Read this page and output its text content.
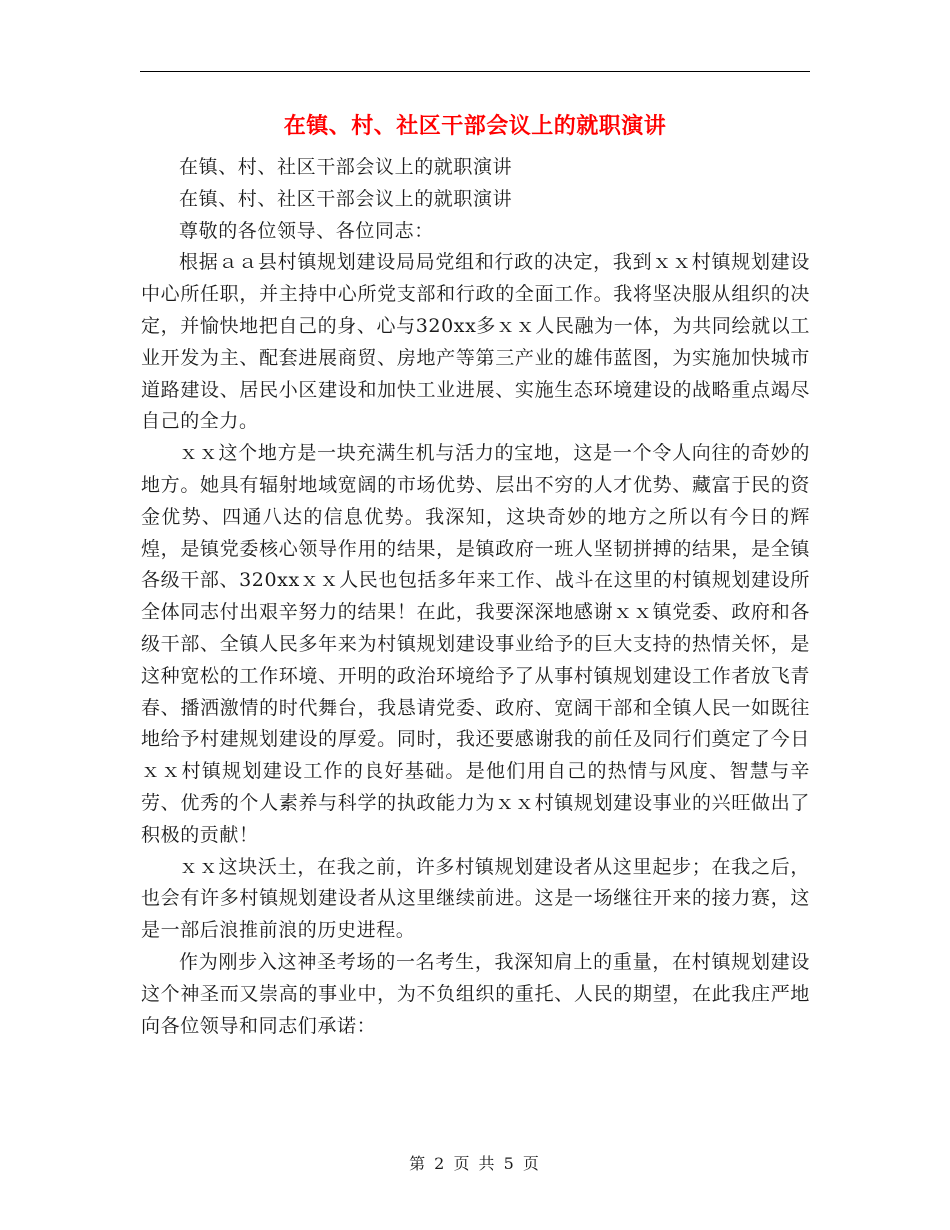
在镇、村、社区干部会议上的就职演讲

在镇、村、社区干部会议上的就职演讲

在镇、村、社区干部会议上的就职演讲

尊敬的各位领导、各位同志：

根据ａａ县村镇规划建设局局党组和行政的决定，我到ｘｘ村镇规划建设中心所任职，并主持中心所党支部和行政的全面工作。我将坚决服从组织的决定，并愉快地把自己的身、心与320xx多ｘｘ人民融为一体，为共同绘就以工业开发为主、配套进展商贸、房地产等第三产业的雄伟蓝图，为实施加快城市道路建设、居民小区建设和加快工业进展、实施生态环境建设的战略重点竭尽自己的全力。

ｘｘ这个地方是一块充满生机与活力的宝地，这是一个令人向往的奇妙的地方。她具有辐射地域宽阔的市场优势、层出不穷的人才优势、藏富于民的资金优势、四通八达的信息优势。我深知，这块奇妙的地方之所以有今日的辉煌，是镇党委核心领导作用的结果，是镇政府一班人坚韧拼搏的结果，是全镇各级干部、320xxｘｘ人民也包括多年来工作、战斗在这里的村镇规划建设所全体同志付出艰辛努力的结果！在此，我要深深地感谢ｘｘ镇党委、政府和各级干部、全镇人民多年来为村镇规划建设事业给予的巨大支持的热情关怀，是这种宽松的工作环境、开明的政治环境给予了从事村镇规划建设工作者放飞青春、播洒激情的时代舞台，我恳请党委、政府、宽阔干部和全镇人民一如既往地给予村建规划建设的厚爱。同时，我还要感谢我的前任及同行们奠定了今日ｘｘ村镇规划建设工作的良好基础。是他们用自己的热情与风度、智慧与辛劳、优秀的个人素养与科学的执政能力为ｘｘ村镇规划建设事业的兴旺做出了积极的贡献！

ｘｘ这块沃土，在我之前，许多村镇规划建设者从这里起步；在我之后，也会有许多村镇规划建设者从这里继续前进。这是一场继往开来的接力赛，这是一部后浪推前浪的历史进程。

作为刚步入这神圣考场的一名考生，我深知肩上的重量，在村镇规划建设这个神圣而又崇高的事业中，为不负组织的重托、人民的期望，在此我庄严地向各位领导和同志们承诺：

第 2 页 共 5 页
